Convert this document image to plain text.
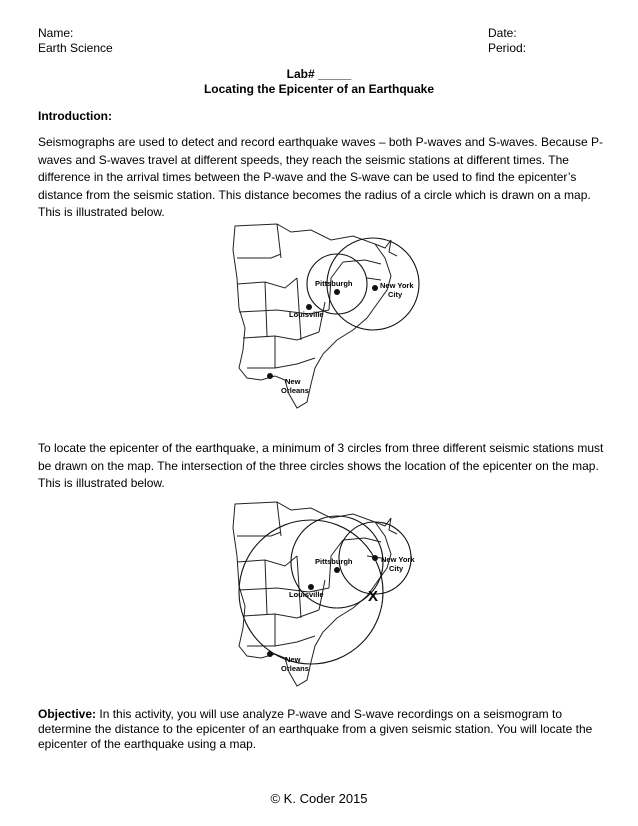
Name:
Earth Science
Date:
Period:
Lab# _____
Locating the Epicenter of an Earthquake
Introduction:
Seismographs are used to detect and record earthquake waves – both P-waves and S-waves. Because P-
waves and S-waves travel at different speeds, they reach the seismic stations at different times. The
difference in the arrival times between the P-wave and the S-wave can be used to find the epicenter’s
distance from the seismic station. This distance becomes the radius of a circle which is drawn on a map.
This is illustrated below.
Pittsburgh	New York
City
Louisville
New
Orleans
To locate the epicenter of the earthquake, a minimum of 3 circles from three different seismic stations must
be drawn on the map. The intersection of the three circles shows the location of the epicenter on the map.
This is illustrated below.
Pittsburgh	New York
City
Louisville
New
Orleans
X
Objective: In this activity, you will use analyze P-wave and S-wave recordings on a seismogram to
determine the distance to the epicenter of an earthquake from a given seismic station. You will locate the
epicenter of the earthquake using a map.
© K. Coder 2015
